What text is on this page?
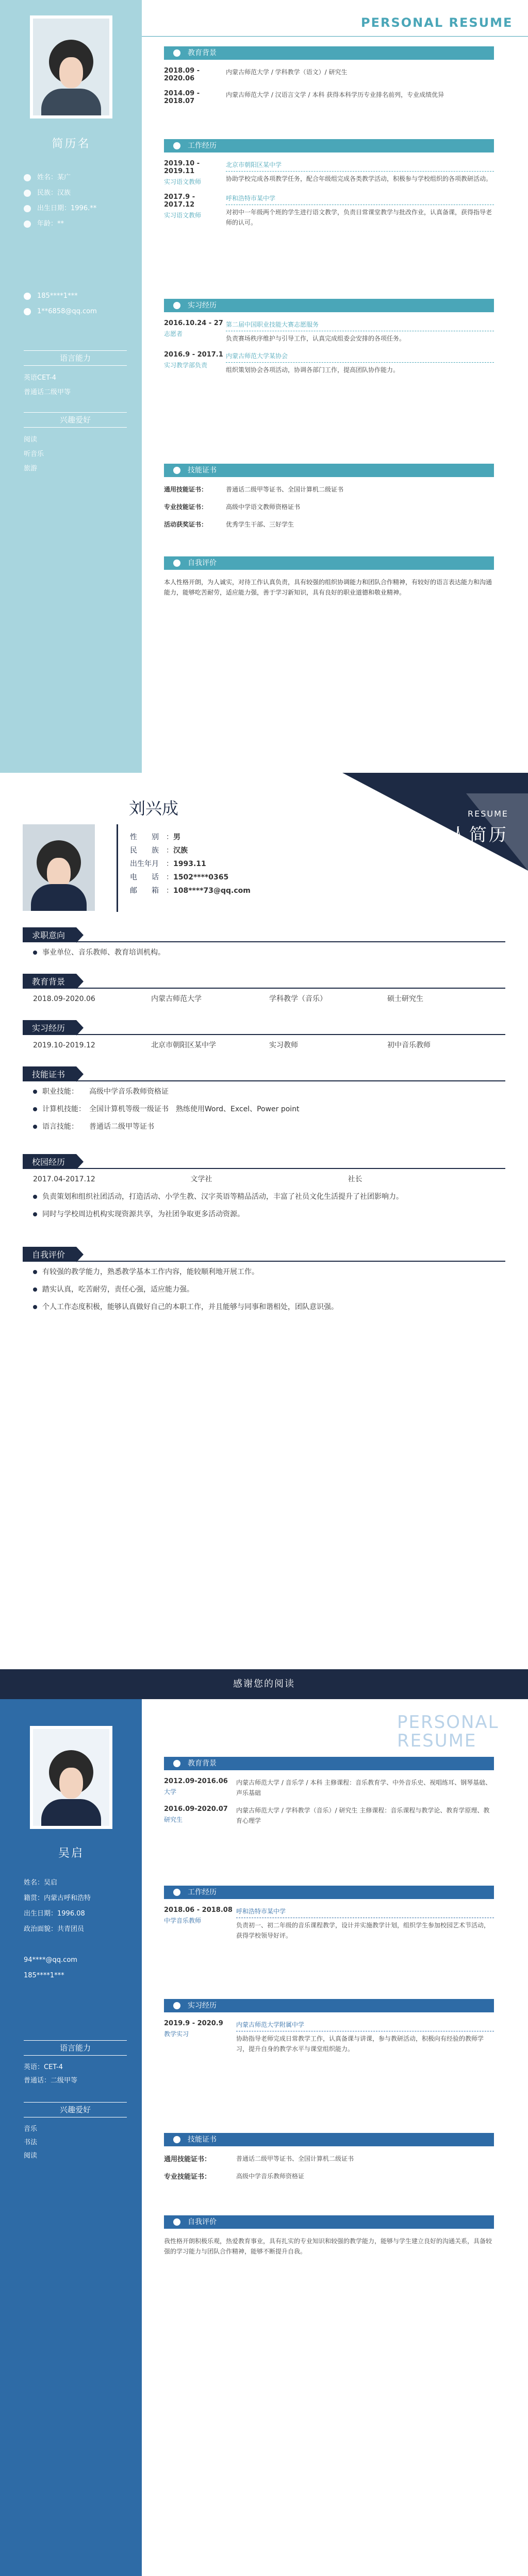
简历名
姓名：某广
民族：汉族
出生日期：1996.**
年龄：**
185****1***
1**6858@qq.com
语言能力
英语CET-4
普通话二级甲等
兴趣爱好
阅读
听音乐
旅游
PERSONAL RESUME
教育背景
2018.09 - 2020.06
内蒙古师范大学 / 学科教学（语文）/ 研究生
2014.09 - 2018.07
内蒙古师范大学 / 汉语言文学 / 本科 获得本科学历专业排名前列，专业成绩优异
工作经历
2019.10 - 2019.11
实习语文教师
北京市朝阳区某中学
协助学校完成各项教学任务，配合年级组完成各类教学活动，积极参与学校组织的各项教研活动。
2017.9 - 2017.12
实习语文教师
呼和浩特市某中学
对初中一年级两个班的学生进行语文教学，负责日常课堂教学与批改作业，认真备课，获得指导老师的认可。
实习经历
2016.10.24 - 27
志愿者
第二届中国职业技能大赛志愿服务
负责赛场秩序维护与引导工作，认真完成组委会安排的各项任务。
2016.9 - 2017.1
实习教学部负责
内蒙古师范大学某协会
组织策划协会各项活动，协调各部门工作，提高团队协作能力。
技能证书
通用技能证书：	普通话二级甲等证书、全国计算机二级证书
专业技能证书：	高级中学语文教师资格证书
活动获奖证书：	优秀学生干部、三好学生
自我评价
本人性格开朗，为人诚实，对待工作认真负责，具有较强的组织协调能力和团队合作精神，有较好的语言表达能力和沟通能力，能够吃苦耐劳，适应能力强，善于学习新知识，具有良好的职业道德和敬业精神。
刘兴成	RESUME
个人简历
性　　别 ：男
民　　族 ：汉族
出生年月 ：1993.11
电　　话 ：1502****0365
邮　　箱 ：108****73@qq.com
求职意向
事业单位、音乐教师、教育培训机构。
教育背景
2018.09-2020.06	内蒙古师范大学	学科教学（音乐）	硕士研究生
实习经历
2019.10-2019.12	北京市朝阳区某中学	实习教师	初中音乐教师
技能证书
职业技能：　　高级中学音乐教师资格证
计算机技能：　全国计算机等级一级证书　熟练使用Word、Excel、Power point
语言技能：　　普通话二级甲等证书
校园经历
2017.04-2017.12	文学社	社长
负责策划和组织社团活动，打造活动、小学生教、汉字英语等精品活动，丰富了社员文化生活提升了社团影响力。
同时与学校周边机构实现资源共享，为社团争取更多活动资源。
自我评价
有较强的教学能力，熟悉教学基本工作内容，能较顺利地开展工作。
踏实认真，吃苦耐劳，责任心强，适应能力强。
个人工作态度积极，能够认真做好自己的本职工作，并且能够与同事和谐相处，团队意识强。
感谢您的阅读
吴启
姓名：吴启
籍贯：内蒙古呼和浩特
出生日期：1996.08
政治面貌：共青团员
94****@qq.com
185****1***
语言能力
英语：CET-4
普通话：二级甲等
兴趣爱好
音乐
书法
阅读
PERSONAL
RESUME
教育背景
2012.09-2016.06
大学
内蒙古师范大学 / 音乐学 / 本科 主修课程：音乐教育学、中外音乐史、视唱练耳、钢琴基础、声乐基础
2016.09-2020.07
研究生
内蒙古师范大学 / 学科教学（音乐）/ 研究生 主修课程：音乐课程与教学论、教育学原理、教育心理学
工作经历
2018.06 - 2018.08
中学音乐教师
呼和浩特市某中学
负责初一、初二年级的音乐课程教学，设计并实施教学计划，组织学生参加校园艺术节活动，获得学校领导好评。
实习经历
2019.9 - 2020.9
教学实习
内蒙古师范大学附属中学
协助指导老师完成日常教学工作，认真备课与讲课，参与教研活动，积极向有经验的教师学习，提升自身的教学水平与课堂组织能力。
技能证书
通用技能证书：	普通话二级甲等证书、全国计算机二级证书
专业技能证书：	高级中学音乐教师资格证
自我评价
我性格开朗积极乐观，热爱教育事业，具有扎实的专业知识和较强的教学能力，能够与学生建立良好的沟通关系，具备较强的学习能力与团队合作精神，能够不断提升自我。
